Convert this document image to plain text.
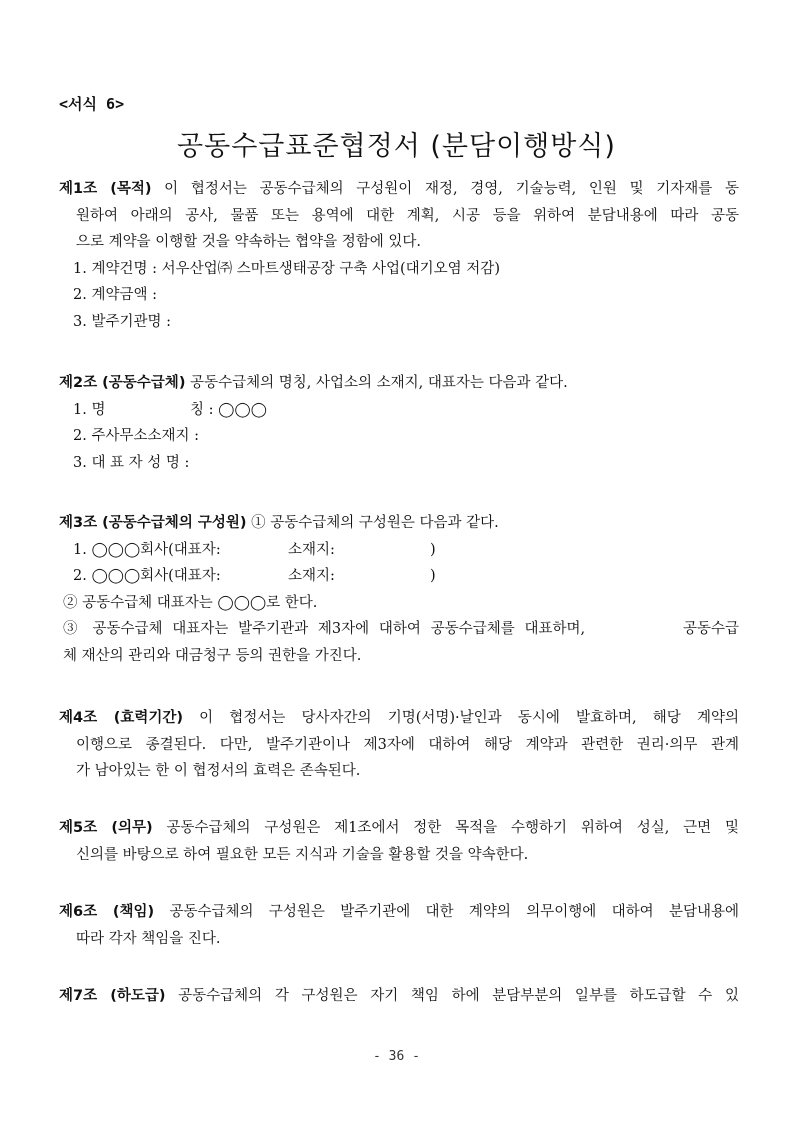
<서식 6>
공동수급표준협정서 (분담이행방식)
제1조 (목적) 이 협정서는 공동수급체의 구성원이 재정, 경영, 기술능력, 인원 및 기자재를 동
원하여 아래의 공사, 물품 또는 용역에 대한 계획, 시공 등을 위하여 분담내용에 따라 공동
으로 계약을 이행할 것을 약속하는 협약을 정함에 있다.
1. 계약건명 : 서우산업㈜ 스마트생태공장 구축 사업(대기오염 저감)
2. 계약금액 :
3. 발주기관명 :
제2조 (공동수급체) 공동수급체의 명칭, 사업소의 소재지, 대표자는 다음과 같다.
1. 명	칭 : ◯◯◯
2. 주사무소소재지 :
3. 대 표 자 성 명 :
제3조 (공동수급체의 구성원) ① 공동수급체의 구성원은 다음과 같다.
1. ◯◯◯회사(대표자:	소재지:	)
2. ◯◯◯회사(대표자:	소재지:	)
② 공동수급체 대표자는 ◯◯◯로 한다.
③ 공동수급체 대표자는 발주기관과 제3자에 대하여 공동수급체를 대표하며,          공동수급
체 재산의 관리와 대금청구 등의 권한을 가진다.
제4조 (효력기간) 이 협정서는 당사자간의 기명(서명)·날인과 동시에 발효하며, 해당 계약의
이행으로 종결된다. 다만, 발주기관이나 제3자에 대하여 해당 계약과 관련한 권리·의무 관계
가 남아있는 한 이 협정서의 효력은 존속된다.
제5조 (의무) 공동수급체의 구성원은 제1조에서 정한 목적을 수행하기 위하여 성실, 근면 및
신의를 바탕으로 하여 필요한 모든 지식과 기술을 활용할 것을 약속한다.
제6조 (책임) 공동수급체의 구성원은 발주기관에 대한 계약의 의무이행에 대하여 분담내용에
따라 각자 책임을 진다.
제7조 (하도급) 공동수급체의 각 구성원은 자기 책임 하에 분담부분의 일부를 하도급할 수 있
- 36 -
